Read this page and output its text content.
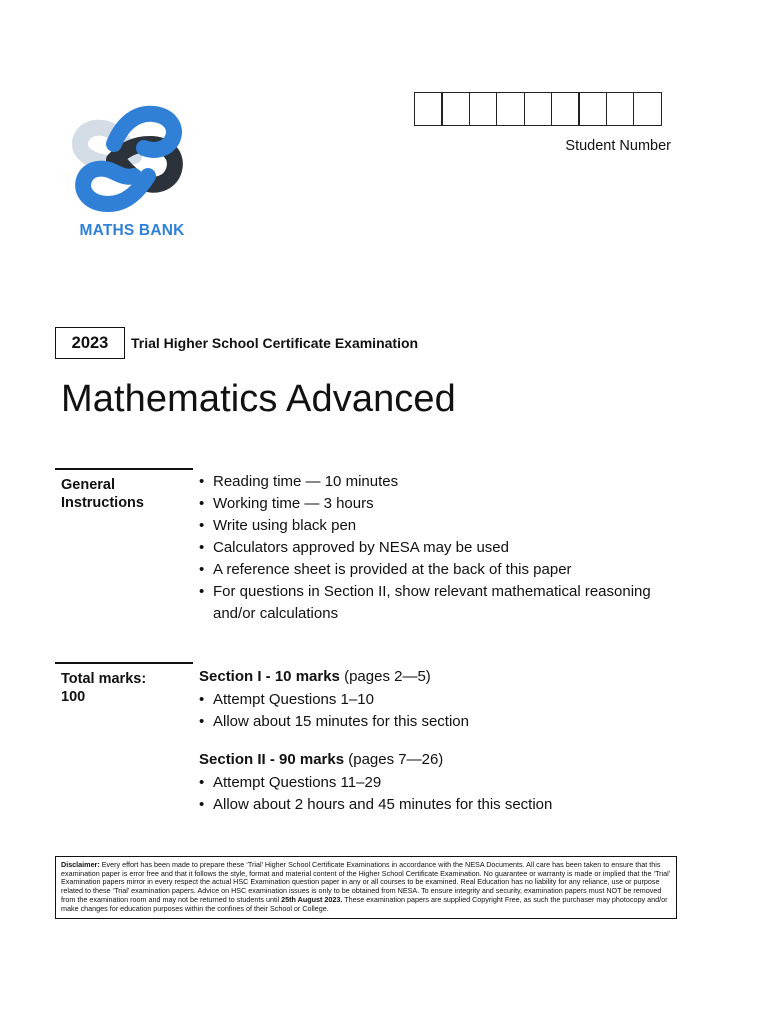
MATHS BANK
Student Number
2023	Trial Higher School Certificate Examination
Mathematics Advanced
General
Instructions
• Reading time — 10 minutes
• Working time — 3 hours
• Write using black pen
• Calculators approved by NESA may be used
• A reference sheet is provided at the back of this paper
• For questions in Section II, show relevant mathematical reasoning
and/or calculations
Total marks:
100
Section I - 10 marks (pages 2—5)
• Attempt Questions 1–10
• Allow about 15 minutes for this section
Section II - 90 marks (pages 7—26)
• Attempt Questions 11–29
• Allow about 2 hours and 45 minutes for this section
Disclaimer: Every effort has been made to prepare these ‘Trial’ Higher School Certificate Examinations in accordance with the NESA Documents. All care has been taken to ensure that this examination paper is error free and that it follows the style, format and material content of the Higher School Certificate Examination. No guarantee or warranty is made or implied that the ‘Trial’ Examination papers mirror in every respect the actual HSC Examination question paper in any or all courses to be examined. Real Education has no liability for any reliance, use or purpose related to these ‘Trial’ examination papers. Advice on HSC examination issues is only to be obtained from NESA. To ensure integrity and security, examination papers must NOT be removed from the examination room and may not be returned to students until 25th August 2023. These examination papers are supplied Copyright Free, as such the purchaser may photocopy and/or make changes for education purposes within the confines of their School or College.
